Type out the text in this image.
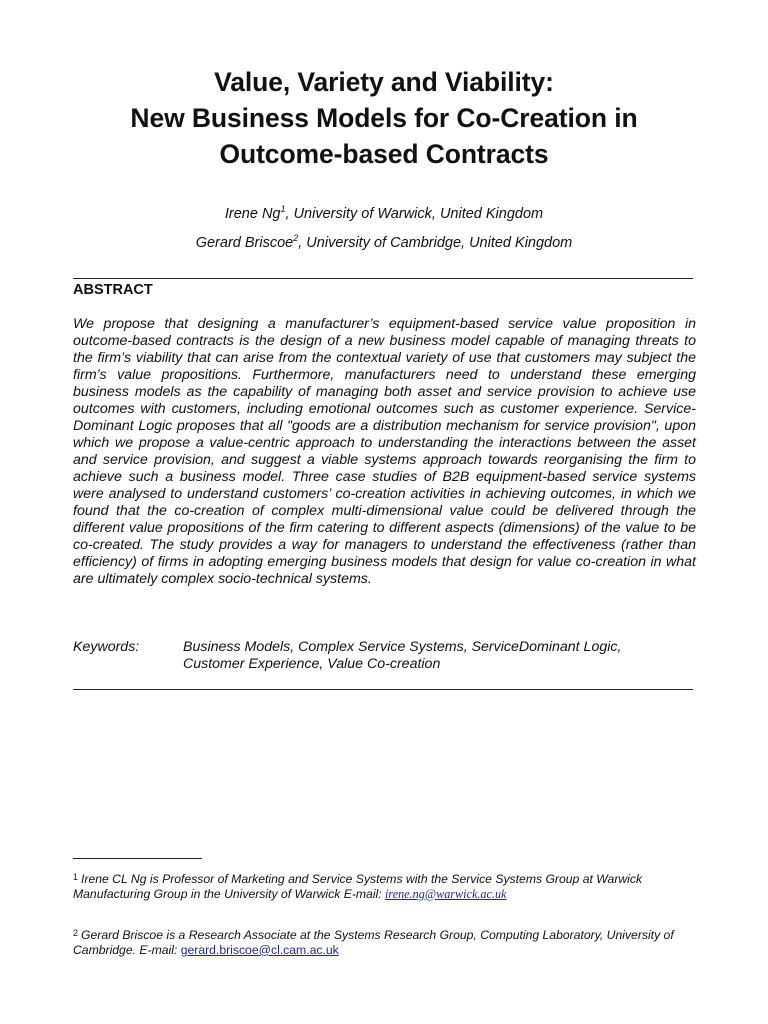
Value, Variety and Viability:
New Business Models for Co-Creation in
Outcome-based Contracts
Irene Ng$^1$, University of Warwick, United Kingdom
Gerard Briscoe$^2$, University of Cambridge, United Kingdom
ABSTRACT
We propose that designing a manufacturer’s equipment-based service value proposition in outcome-based contracts is the design of a new business model capable of managing threats to the firm’s viability that can arise from the contextual variety of use that customers may subject the firm’s value propositions. Furthermore, manufacturers need to understand these emerging business models as the capability of managing both asset and service provision to achieve use outcomes with customers, including emotional outcomes such as customer experience. Service-Dominant Logic proposes that all "goods are a distribution mechanism for service provision", upon which we propose a value-centric approach to understanding the interactions between the asset and service provision, and suggest a viable systems approach towards reorganising the firm to achieve such a business model. Three case studies of B2B equipment-based service systems were analysed to understand customers’ co-creation activities in achieving outcomes, in which we found that the co-creation of complex multi-dimensional value could be delivered through the different value propositions of the firm catering to different aspects (dimensions) of the value to be co-created. The study provides a way for managers to understand the effectiveness (rather than efficiency) of firms in adopting emerging business models that design for value co-creation in what are ultimately complex socio-technical systems.
Keywords:	Business Models, Complex Service Systems, ServiceDominant Logic,
Customer Experience, Value Co-creation
$^1$ Irene CL Ng is Professor of Marketing and Service Systems with the Service Systems Group at Warwick Manufacturing Group in the University of Warwick E-mail: irene.ng@warwick.ac.uk
$^2$ Gerard Briscoe is a Research Associate at the Systems Research Group, Computing Laboratory, University of Cambridge. E-mail: gerard.briscoe@cl.cam.ac.uk
